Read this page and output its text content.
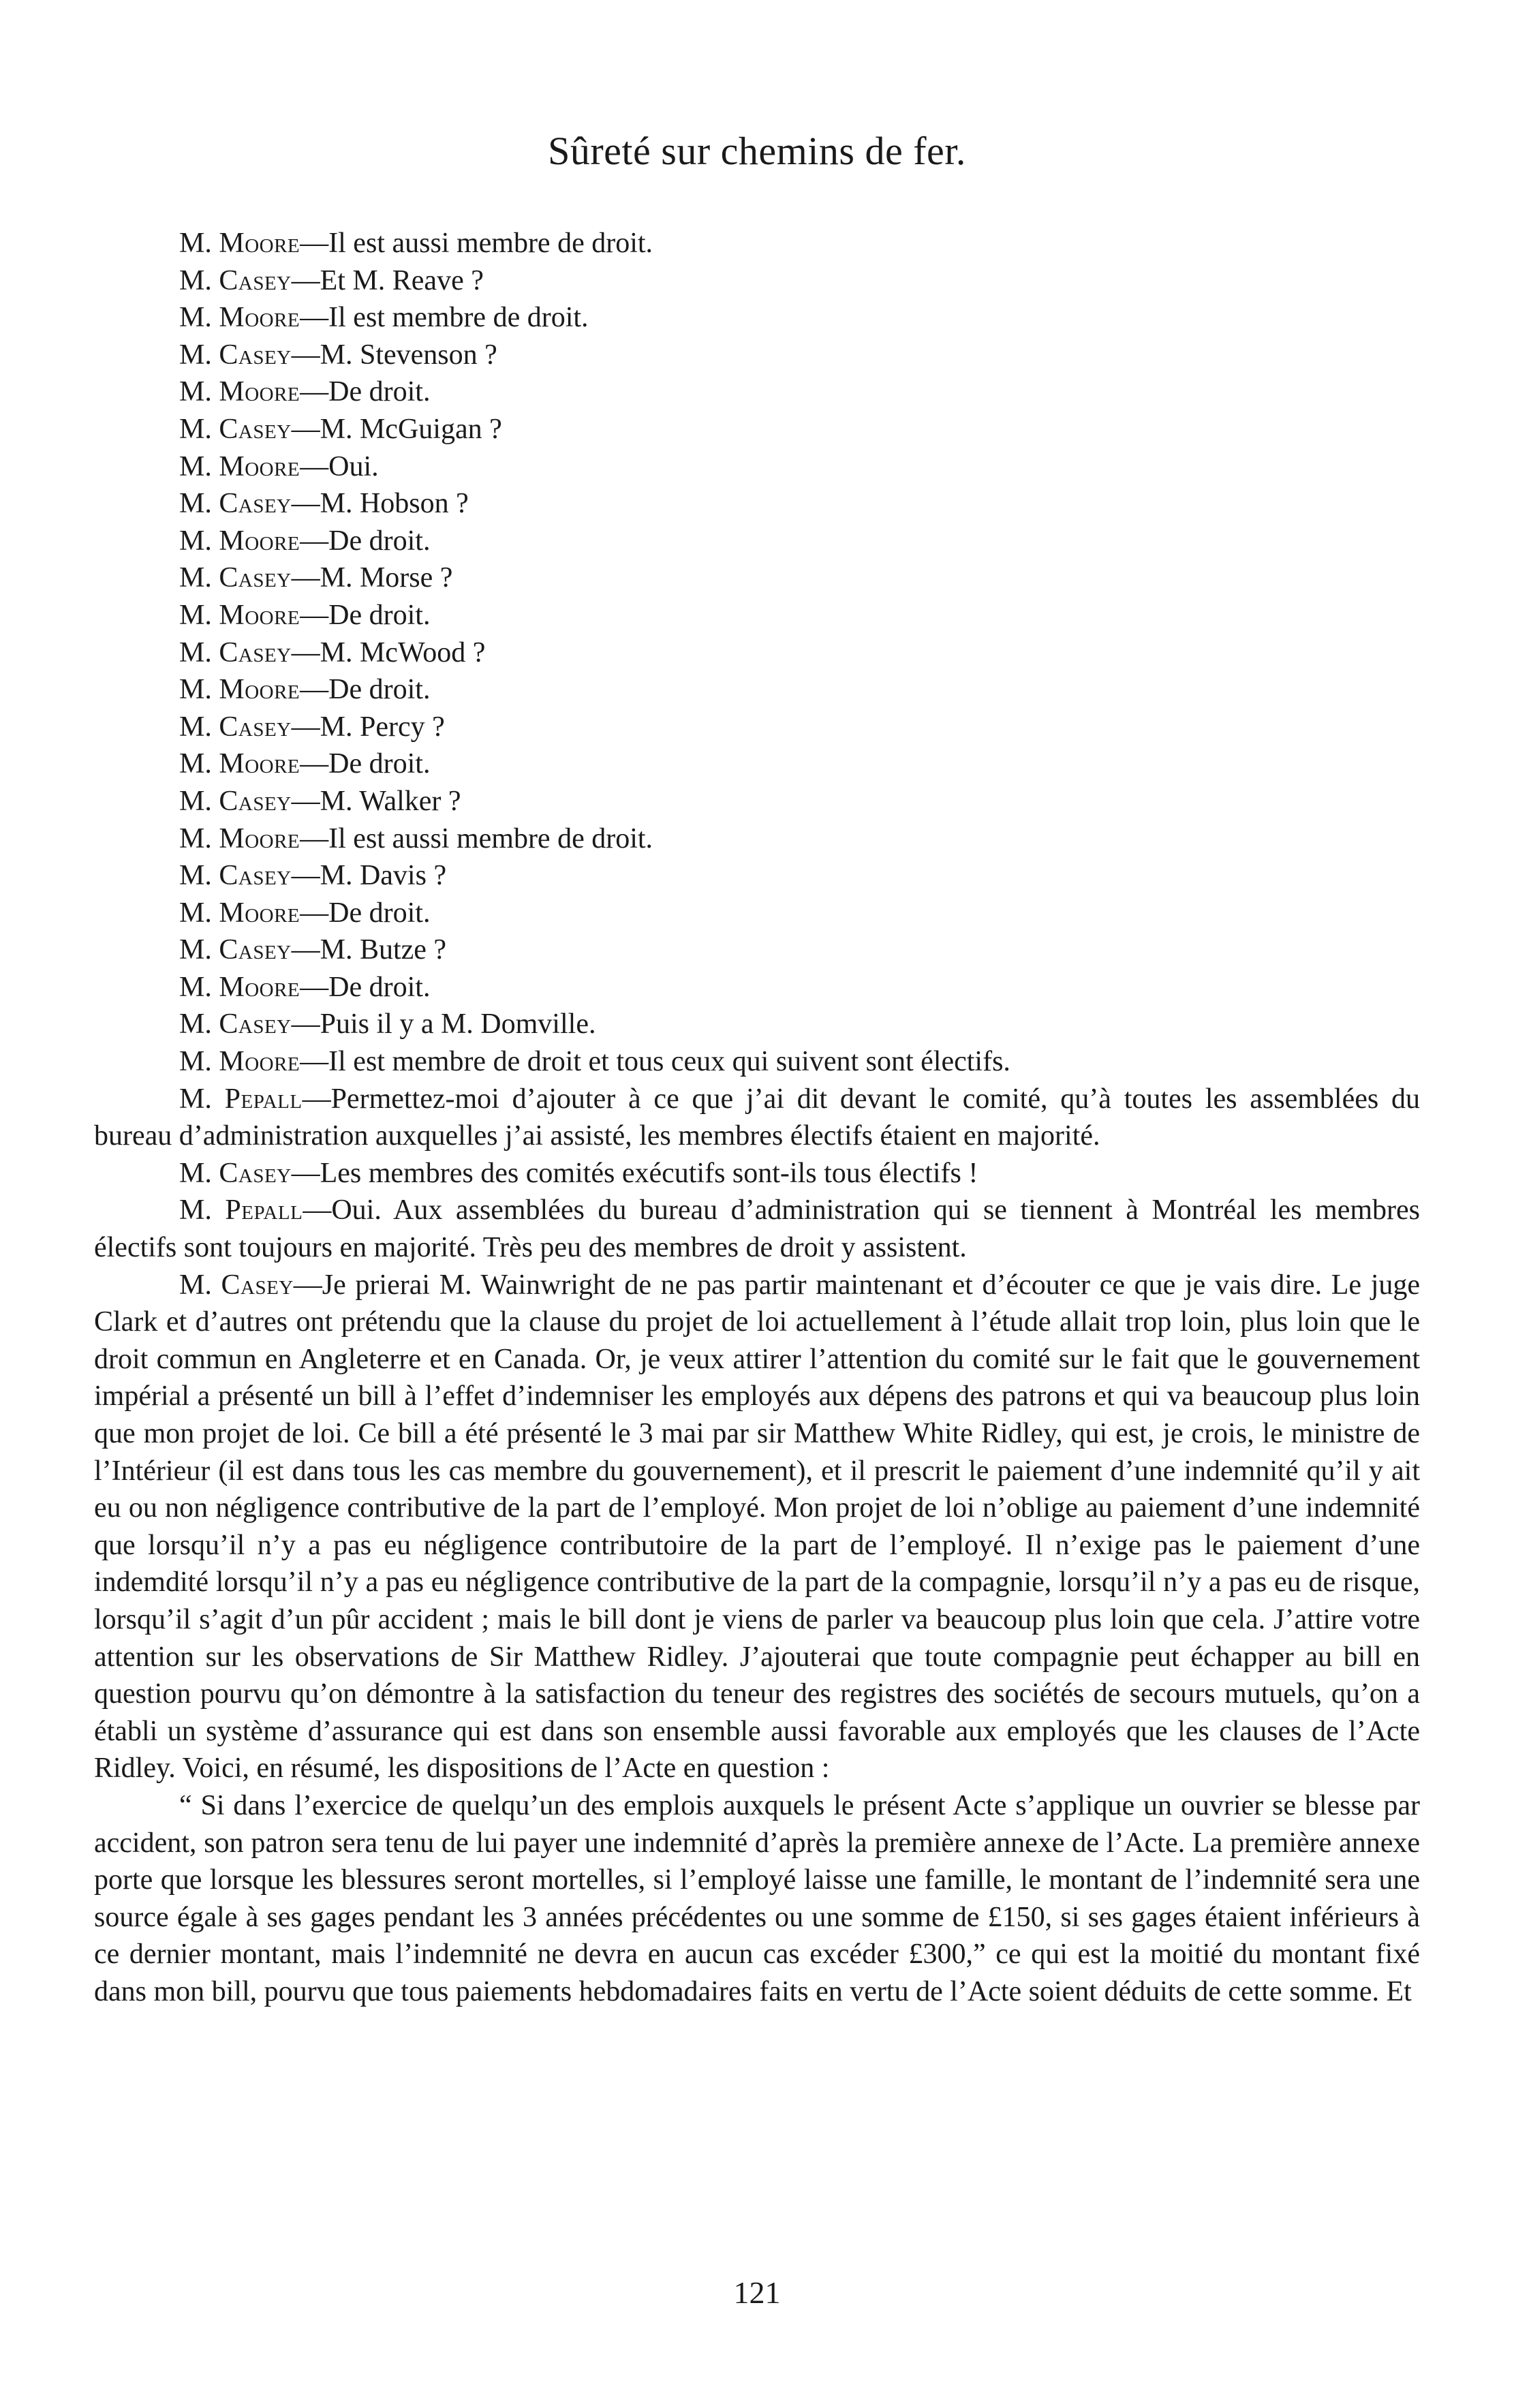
Sûreté sur chemins de fer.
M. Moore—Il est aussi membre de droit.
M. Casey—Et M. Reave ?
M. Moore—Il est membre de droit.
M. Casey—M. Stevenson ?
M. Moore—De droit.
M. Casey—M. McGuigan ?
M. Moore—Oui.
M. Casey—M. Hobson ?
M. Moore—De droit.
M. Casey—M. Morse ?
M. Moore—De droit.
M. Casey—M. McWood ?
M. Moore—De droit.
M. Casey—M. Percy ?
M. Moore—De droit.
M. Casey—M. Walker ?
M. Moore—Il est aussi membre de droit.
M. Casey—M. Davis ?
M. Moore—De droit.
M. Casey—M. Butze ?
M. Moore—De droit.
M. Casey—Puis il y a M. Domville.
M. Moore—Il est membre de droit et tous ceux qui suivent sont électifs.

M. Pepall—Permettez-moi d’ajouter à ce que j’ai dit devant le comité, qu’à toutes les assemblées du bureau d’administration auxquelles j’ai assisté, les membres électifs étaient en majorité.

M. Casey—Les membres des comités exécutifs sont-ils tous électifs !

M. Pepall—Oui. Aux assemblées du bureau d’administration qui se tiennent à Montréal les membres électifs sont toujours en majorité. Très peu des membres de droit y assistent.

M. Casey—Je prierai M. Wainwright de ne pas partir maintenant et d’écouter ce que je vais dire. Le juge Clark et d’autres ont prétendu que la clause du projet de loi actuellement à l’étude allait trop loin, plus loin que le droit commun en Angleterre et en Canada. Or, je veux attirer l’attention du comité sur le fait que le gouvernement impérial a présenté un bill à l’effet d’indemniser les employés aux dépens des patrons et qui va beaucoup plus loin que mon projet de loi. Ce bill a été présenté le 3 mai par sir Matthew White Ridley, qui est, je crois, le ministre de l’Intérieur (il est dans tous les cas membre du gouvernement), et il prescrit le paiement d’une indemnité qu’il y ait eu ou non négligence contributive de la part de l’employé. Mon projet de loi n’oblige au paiement d’une indemnité que lorsqu’il n’y a pas eu négligence contributoire de la part de l’employé. Il n’exige pas le paiement d’une indemdité lorsqu’il n’y a pas eu négligence contributive de la part de la compagnie, lorsqu’il n’y a pas eu de risque, lorsqu’il s’agit d’un pûr accident ; mais le bill dont je viens de parler va beaucoup plus loin que cela. J’attire votre attention sur les observations de Sir Matthew Ridley. J’ajouterai que toute compagnie peut échapper au bill en question pourvu qu’on démontre à la satisfaction du teneur des registres des sociétés de secours mutuels, qu’on a établi un système d’assurance qui est dans son ensemble aussi favorable aux employés que les clauses de l’Acte Ridley. Voici, en résumé, les dispositions de l’Acte en question :

“ Si dans l’exercice de quelqu’un des emplois auxquels le présent Acte s’applique un ouvrier se blesse par accident, son patron sera tenu de lui payer une indemnité d’après la première annexe de l’Acte. La première annexe porte que lorsque les blessures seront mortelles, si l’employé laisse une famille, le montant de l’indemnité sera une source égale à ses gages pendant les 3 années précédentes ou une somme de £150, si ses gages étaient inférieurs à ce dernier montant, mais l’indemnité ne devra en aucun cas excéder £300,” ce qui est la moitié du montant fixé dans mon bill, pourvu que tous paiements hebdomadaires faits en vertu de l’Acte soient déduits de cette somme. Et

121
